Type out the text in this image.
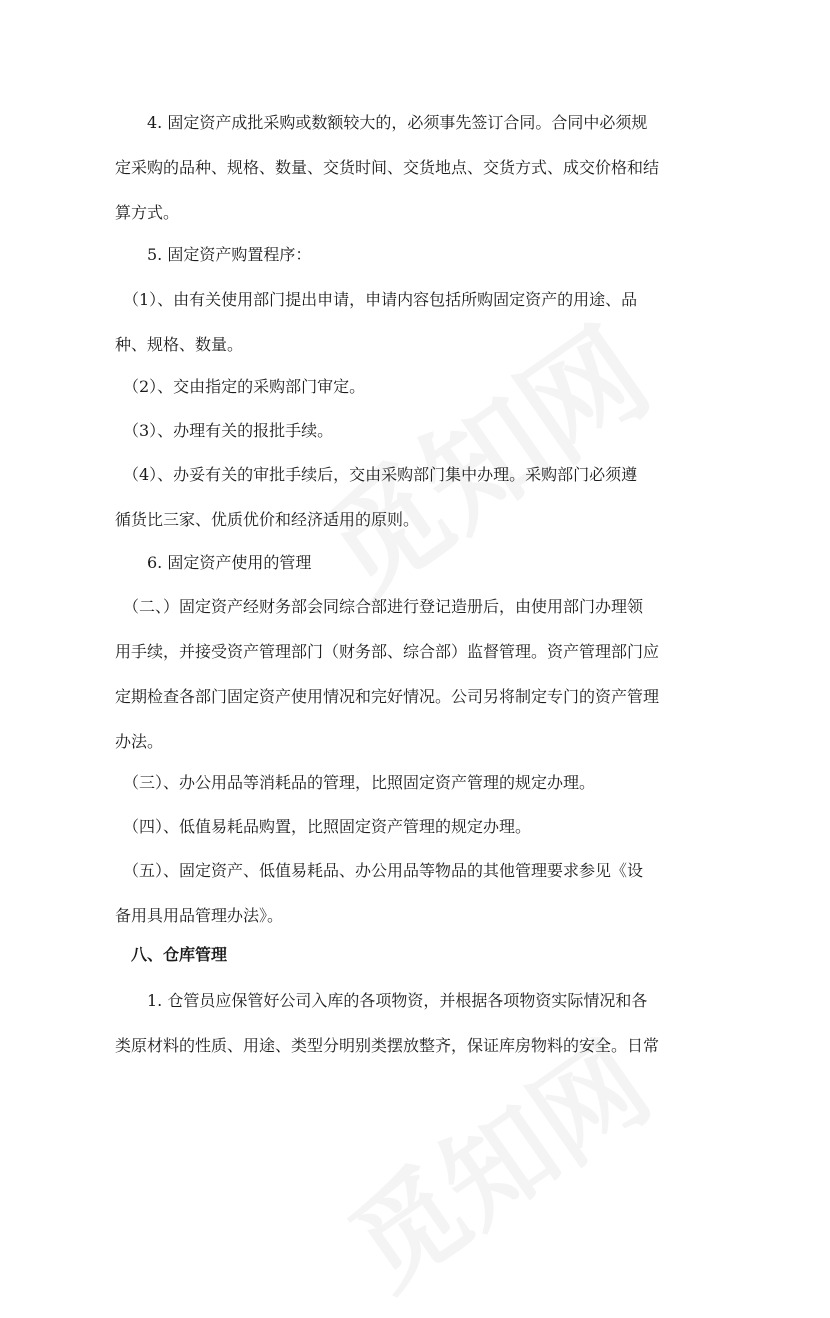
　　4. 固定资产成批采购或数额较大的，必须事先签订合同。合同中必须规
定采购的品种、规格、数量、交货时间、交货地点、交货方式、成交价格和结
算方式。

　　5. 固定资产购置程序：

　（1）、由有关使用部门提出申请，申请内容包括所购固定资产的用途、品
种、规格、数量。

　（2）、交由指定的采购部门审定。

　（3）、办理有关的报批手续。

　（4）、办妥有关的审批手续后，交由采购部门集中办理。采购部门必须遵
循货比三家、优质优价和经济适用的原则。

　　6. 固定资产使用的管理

　（二、）固定资产经财务部会同综合部进行登记造册后，由使用部门办理领
用手续，并接受资产管理部门（财务部、综合部）监督管理。资产管理部门应
定期检查各部门固定资产使用情况和完好情况。公司另将制定专门的资产管理
办法。

　（三）、办公用品等消耗品的管理，比照固定资产管理的规定办理。

　（四）、低值易耗品购置，比照固定资产管理的规定办理。

　（五）、固定资产、低值易耗品、办公用品等物品的其他管理要求参见《设
备用具用品管理办法》。

　八、仓库管理

　　1. 仓管员应保管好公司入库的各项物资，并根据各项物资实际情况和各
类原材料的性质、用途、类型分明别类摆放整齐，保证库房物料的安全。日常
